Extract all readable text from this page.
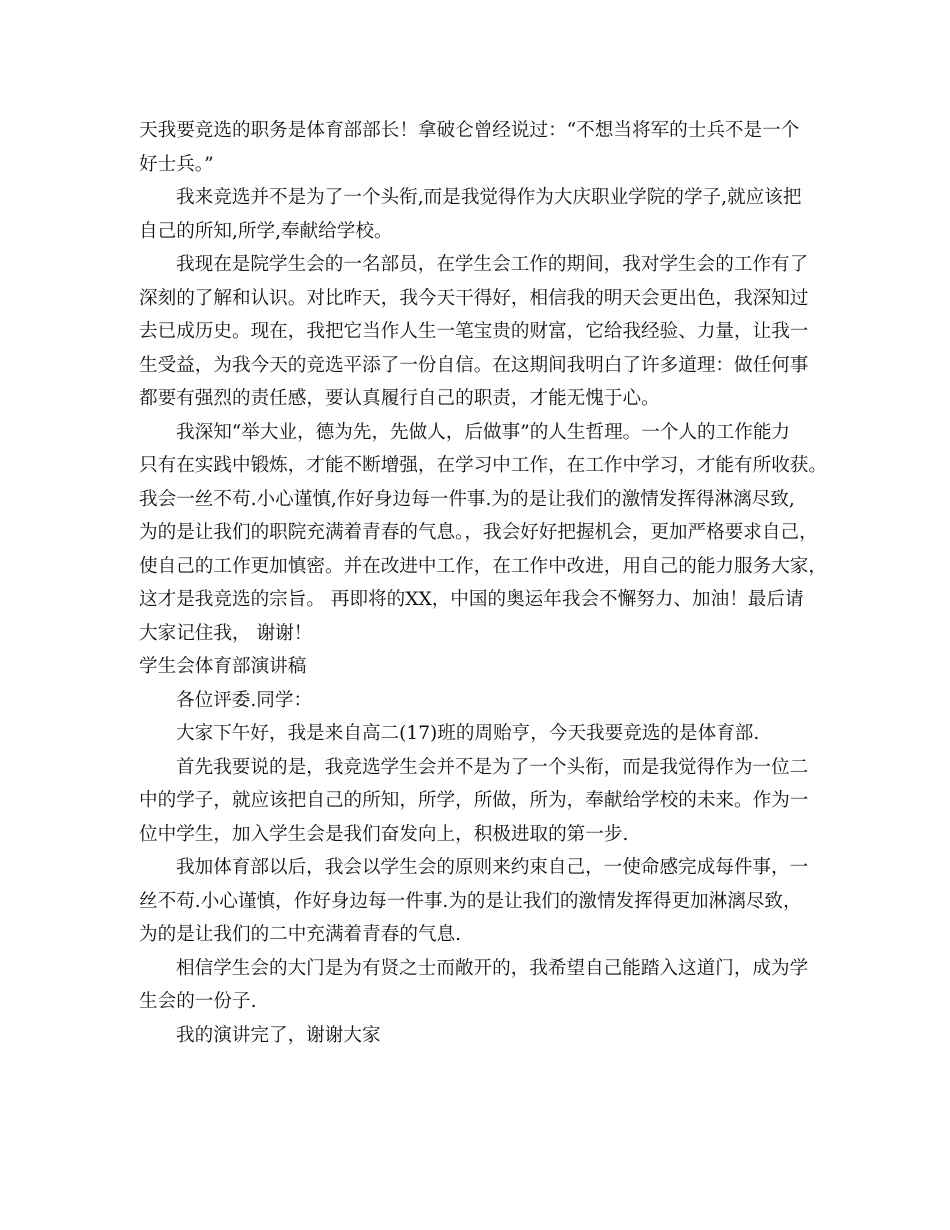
天我要竞选的职务是体育部部长！拿破仑曾经说过：“不想当将军的士兵不是一个
好士兵。”
我来竞选并不是为了一个头衔,而是我觉得作为大庆职业学院的学子,就应该把
自己的所知,所学,奉献给学校。
我现在是院学生会的一名部员，在学生会工作的期间，我对学生会的工作有了
深刻的了解和认识。对比昨天，我今天干得好，相信我的明天会更出色，我深知过
去已成历史。现在，我把它当作人生一笔宝贵的财富，它给我经验、力量，让我一
生受益，为我今天的竞选平添了一份自信。在这期间我明白了许多道理：做任何事
都要有强烈的责任感，要认真履行自己的职责，才能无愧于心。
我深知“举大业，德为先，先做人，后做事”的人生哲理。一个人的工作能力
只有在实践中锻炼，才能不断增强，在学习中工作，在工作中学习，才能有所收获。
我会一丝不苟.小心谨慎,作好身边每一件事.为的是让我们的激情发挥得淋漓尽致,
为的是让我们的职院充满着青春的气息。，我会好好把握机会，更加严格要求自己，
使自己的工作更加慎密。并在改进中工作，在工作中改进，用自己的能力服务大家，
这才是我竞选的宗旨。 再即将的XX，中国的奥运年我会不懈努力、加油！最后请
大家记住我， 谢谢！
学生会体育部演讲稿
各位评委.同学：
大家下午好，我是来自高二(17)班的周贻亨，今天我要竞选的是体育部.
首先我要说的是，我竞选学生会并不是为了一个头衔，而是我觉得作为一位二
中的学子，就应该把自己的所知，所学，所做，所为，奉献给学校的未来。作为一
位中学生，加入学生会是我们奋发向上，积极进取的第一步.
我加体育部以后，我会以学生会的原则来约束自己，一使命感完成每件事，一
丝不苟.小心谨慎，作好身边每一件事.为的是让我们的激情发挥得更加淋漓尽致，
为的是让我们的二中充满着青春的气息.
相信学生会的大门是为有贤之士而敞开的，我希望自己能踏入这道门，成为学
生会的一份子.
我的演讲完了，谢谢大家
